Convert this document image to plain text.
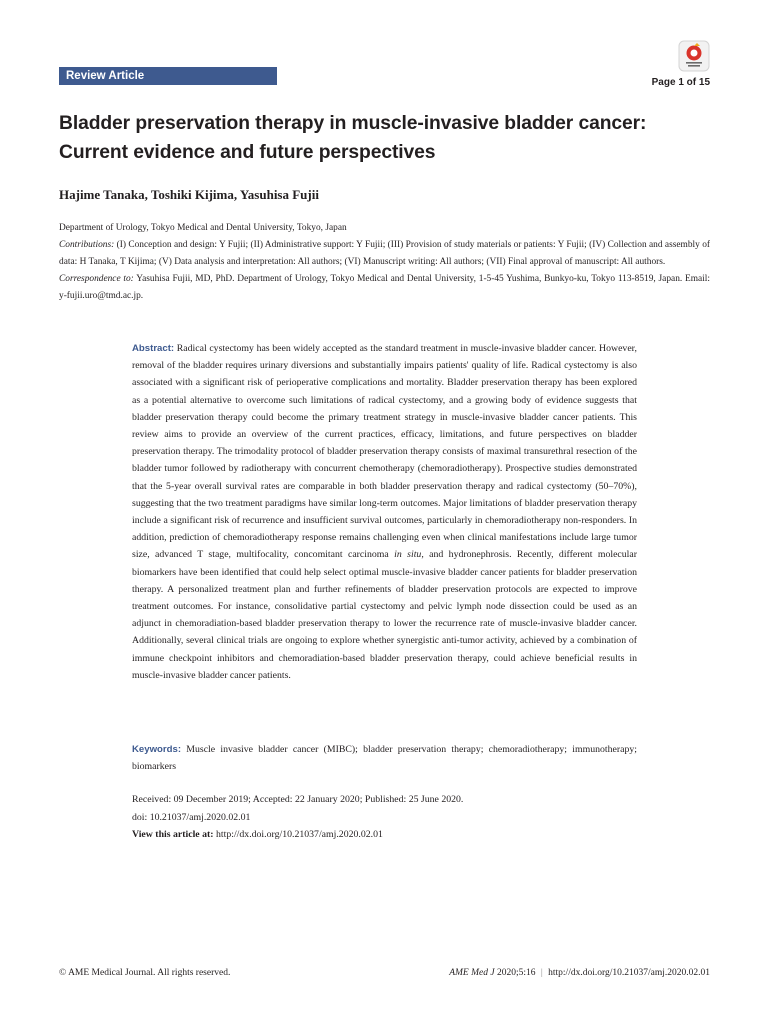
Review Article
Page 1 of 15
Bladder preservation therapy in muscle-invasive bladder cancer:
Current evidence and future perspectives
Hajime Tanaka, Toshiki Kijima, Yasuhisa Fujii

Department of Urology, Tokyo Medical and Dental University, Tokyo, Japan

Contributions: (I) Conception and design: Y Fujii; (II) Administrative support: Y Fujii; (III) Provision of study materials or patients: Y Fujii; (IV) Collection and assembly of data: H Tanaka, T Kijima; (V) Data analysis and interpretation: All authors; (VI) Manuscript writing: All authors; (VII) Final approval of manuscript: All authors.

Correspondence to: Yasuhisa Fujii, MD, PhD. Department of Urology, Tokyo Medical and Dental University, 1-5-45 Yushima, Bunkyo-ku, Tokyo 113-8519, Japan. Email: y-fujii.uro@tmd.ac.jp.

Abstract: Radical cystectomy has been widely accepted as the standard treatment in muscle-invasive bladder cancer. However, removal of the bladder requires urinary diversions and substantially impairs patients' quality of life. Radical cystectomy is also associated with a significant risk of perioperative complications and mortality. Bladder preservation therapy has been explored as a potential alternative to overcome such limitations of radical cystectomy, and a growing body of evidence suggests that bladder preservation therapy could become the primary treatment strategy in muscle-invasive bladder cancer patients. This review aims to provide an overview of the current practices, efficacy, limitations, and future perspectives on bladder preservation therapy. The trimodality protocol of bladder preservation therapy consists of maximal transurethral resection of the bladder tumor followed by radiotherapy with concurrent chemotherapy (chemoradiotherapy). Prospective studies demonstrated that the 5-year overall survival rates are comparable in both bladder preservation therapy and radical cystectomy (50–70%), suggesting that the two treatment paradigms have similar long-term outcomes. Major limitations of bladder preservation therapy include a significant risk of recurrence and insufficient survival outcomes, particularly in chemoradiotherapy non-responders. In addition, prediction of chemoradiotherapy response remains challenging even when clinical manifestations include large tumor size, advanced T stage, multifocality, concomitant carcinoma in situ, and hydronephrosis. Recently, different molecular biomarkers have been identified that could help select optimal muscle-invasive bladder cancer patients for bladder preservation therapy. A personalized treatment plan and further refinements of bladder preservation protocols are expected to improve treatment outcomes. For instance, consolidative partial cystectomy and pelvic lymph node dissection could be used as an adjunct in chemoradiation-based bladder preservation therapy to lower the recurrence rate of muscle-invasive bladder cancer. Additionally, several clinical trials are ongoing to explore whether synergistic anti-tumor activity, achieved by a combination of immune checkpoint inhibitors and chemoradiation-based bladder preservation therapy, could achieve beneficial results in muscle-invasive bladder cancer patients.

Keywords: Muscle invasive bladder cancer (MIBC); bladder preservation therapy; chemoradiotherapy; immunotherapy; biomarkers
Received: 09 December 2019; Accepted: 22 January 2020; Published: 25 June 2020.
doi: 10.21037/amj.2020.02.01
View this article at: http://dx.doi.org/10.21037/amj.2020.02.01
© AME Medical Journal. All rights reserved.	AME Med J 2020;5:16 | http://dx.doi.org/10.21037/amj.2020.02.01
